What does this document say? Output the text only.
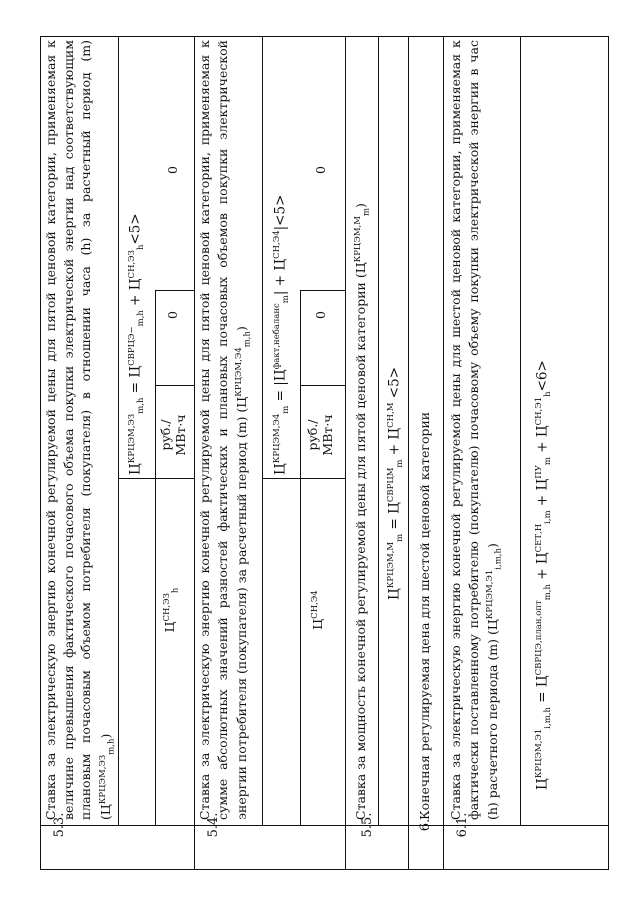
5.3.
Ставка за электрическую энергию конечной регулируемой цены для пятой ценовой категории, применяемая к величине превышения фактического почасового объема покупки электрической энергии над соответствующим плановым почасовым объемом потребителя (покупателя) в отношении часа (h) за расчетный период (m) $(Ц^{КРЦЭМ,ЭЗ}_{m,h})$
$Ц^{КРЦЭМ,ЭЗ}_{m,h} = Ц^{СВРЦЭ-}_{m,h} + Ц^{СН,ЭЗ}_h<5>$
$Ц^{СН,ЭЗ}_h$
руб./ МВт·ч
0
0
5.4.
Ставка за электрическую энергию конечной регулируемой цены для пятой ценовой категории, применяемая к сумме абсолютных значений разностей фактических и плановых почасовых объемов покупки электрической энергии потребителя (покупателя) за расчетный период (m) $(Ц^{КРЦЭМ,Э4}_{m,h})$
$Ц^{КРЦЭМ,Э4}_m = |Ц^{факт,небаланс}_m| + Ц^{СН,Э4}|<5>$
$Ц^{СН,Э4}$
руб./ МВт·ч
0
0
5.5.
Ставка за мощность конечной регулируемой цены для пятой ценовой категории $(Ц^{КРЦЭМ,М}_m)$
$Ц^{КРЦЭМ,М}_m = Ц^{СВРЦМ}_m + Ц^{СН,М} <5>$
6.
Конечная регулируемая цена для шестой ценовой категории
6.1.
Ставка за электрическую энергию конечной регулируемой цены для шестой ценовой категории, применяемая к фактически поставленному потребителю (покупателю) почасовому объему покупки электрической энергии в час (h) расчетного периода (m) $(Ц^{КРЦЭМ,Э1}_{i,m,h})$
$Ц^{КРЦЭМ,Э1}_{i,m,h} = Ц^{СВРЦЭ,план,опт}_{m,h} + Ц^{СЕТ,Н}_{i,m} + Ц^{ПУ}_m + Ц^{СН,Э1}_h<6>$
